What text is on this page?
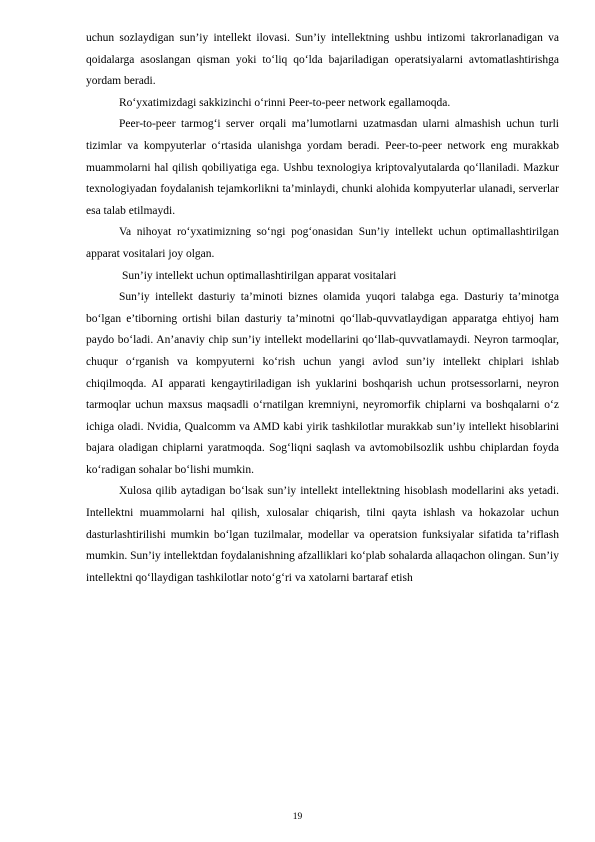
uchun sozlaydigan sun’iy intellekt ilovasi. Sun’iy intellektning ushbu intizomi takrorlanadigan va qoidalarga asoslangan qisman yoki to‘liq qo‘lda bajariladigan operatsiyalarni avtomatlashtirishga yordam beradi.

Ro‘yxatimizdagi sakkizinchi o‘rinni Peer-to-peer network egallamoqda.

Peer-to-peer tarmog‘i server orqali ma’lumotlarni uzatmasdan ularni almashish uchun turli tizimlar va kompyuterlar o‘rtasida ulanishga yordam beradi. Peer-to-peer network eng murakkab muammolarni hal qilish qobiliyatiga ega. Ushbu texnologiya kriptovalyutalarda qo‘llaniladi. Mazkur texnologiyadan foydalanish tejamkorlikni ta’minlaydi, chunki alohida kompyuterlar ulanadi, serverlar esa talab etilmaydi.

Va nihoyat ro‘yxatimizning so‘ngi pog‘onasidan Sun’iy intellekt uchun optimallashtirilgan apparat vositalari joy olgan.

Sun’iy intellekt uchun optimallashtirilgan apparat vositalari

Sun’iy intellekt dasturiy ta’minoti biznes olamida yuqori talabga ega. Dasturiy ta’minotga bo‘lgan e’tiborning ortishi bilan dasturiy ta’minotni qo‘llab-quvvatlaydigan apparatga ehtiyoj ham paydo bo‘ladi. An’anaviy chip sun’iy intellekt modellarini qo‘llab-quvvatlamaydi. Neyron tarmoqlar, chuqur o‘rganish va kompyuterni ko‘rish uchun yangi avlod sun’iy intellekt chiplari ishlab chiqilmoqda. AI apparati kengaytiriladigan ish yuklarini boshqarish uchun protsessorlarni, neyron tarmoqlar uchun maxsus maqsadli o‘rnatilgan kremniyni, neyromorfik chiplarni va boshqalarni o‘z ichiga oladi. Nvidia, Qualcomm va AMD kabi yirik tashkilotlar murakkab sun’iy intellekt hisoblarini bajara oladigan chiplarni yaratmoqda. Sog‘liqni saqlash va avtomobilsozlik ushbu chiplardan foyda ko‘radigan sohalar bo‘lishi mumkin.

Xulosa qilib aytadigan bo‘lsak sun’iy intellekt intellektning hisoblash modellarini aks yetadi. Intellektni muammolarni hal qilish, xulosalar chiqarish, tilni qayta ishlash va hokazolar uchun dasturlashtirilishi mumkin bo‘lgan tuzilmalar, modellar va operatsion funksiyalar sifatida ta’riflash mumkin. Sun’iy intellektdan foydalanishning afzalliklari ko‘plab sohalarda allaqachon olingan. Sun’iy intellektni qo‘llaydigan tashkilotlar noto‘g‘ri va xatolarni bartaraf etish

19
